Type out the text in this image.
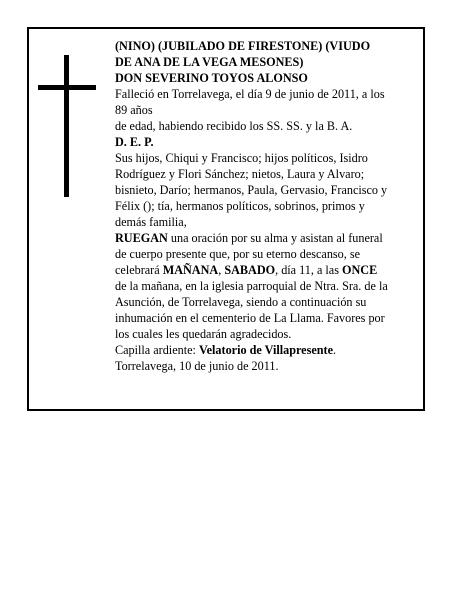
(NINO) (JUBILADO DE FIRESTONE) (VIUDO

DE ANA DE LA VEGA MESONES)

DON SEVERINO TOYOS ALONSO

Falleció en Torrelavega, el día 9 de junio de 2011, a los

89 años

de edad, habiendo recibido los SS. SS. y la B. A.

D. E. P.

Sus hijos, Chiqui y Francisco; hijos políticos, Isidro

Rodríguez y Flori Sánchez; nietos, Laura y Alvaro;

bisnieto, Darío; hermanos, Paula, Gervasio, Francisco y

Félix (); tía, hermanos políticos, sobrinos, primos y

demás familia,

RUEGAN una oración por su alma y asistan al funeral

de cuerpo presente que, por su eterno descanso, se

celebrará MAÑANA, SABADO, día 11, a las ONCE

de la mañana, en la iglesia parroquial de Ntra. Sra. de la

Asunción, de Torrelavega, siendo a continuación su

inhumación en el cementerio de La Llama. Favores por

los cuales les quedarán agradecidos.

Capilla ardiente: Velatorio de Villapresente.

Torrelavega, 10 de junio de 2011.
